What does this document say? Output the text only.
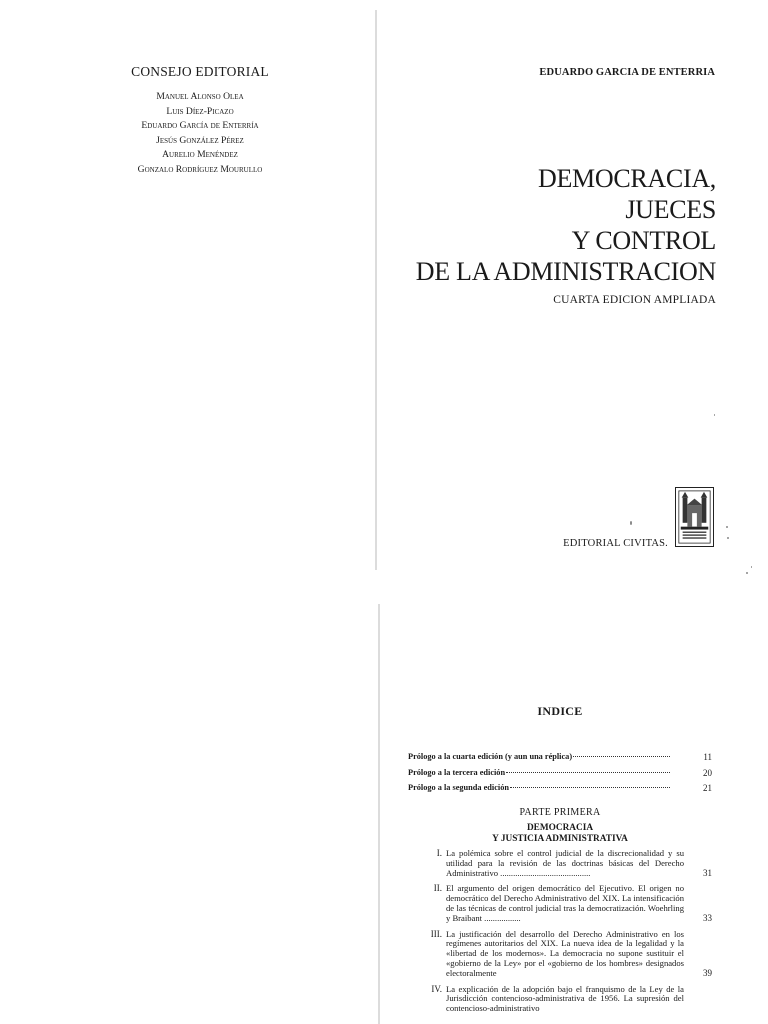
CONSEJO EDITORIAL
Manuel Alonso Olea
Luis Díez-Picazo
Eduardo García de Enterría
Jesús González Pérez
Aurelio Menéndez
Gonzalo Rodríguez Mourullo
EDUARDO GARCIA DE ENTERRIA
DEMOCRACIA,
JUECES
Y CONTROL
DE LA ADMINISTRACION
CUARTA EDICION AMPLIADA
EDITORIAL CIVITAS.
INDICE
Prólogo a la cuarta edición (y aun una réplica)	11
Prólogo a la tercera edición	20
Prólogo a la segunda edición	21
PARTE PRIMERA
DEMOCRACIA
Y JUSTICIA ADMINISTRATIVA
I. La polémica sobre el control judicial de la discrecionalidad y su utilidad para la revisión de las doctrinas básicas del Derecho Administrativo ..........................................	31
II. El argumento del origen democrático del Ejecutivo. El origen no democrático del Derecho Administrativo del XIX. La intensificación de las técnicas de control judicial tras la democratización. Woehrling y Braibant .................	33
III. La justificación del desarrollo del Derecho Administrativo en los regímenes autoritarios del XIX. La nueva idea de la legalidad y la «libertad de los modernos». La democracia no supone sustituir el «gobierno de la Ley» por el «gobierno de los hombres» designados electoralmente	39
IV. La explicación de la adopción bajo el franquismo de la Ley de la Jurisdicción contencioso-administrativa de 1956. La supresión del contencioso-administrativo
